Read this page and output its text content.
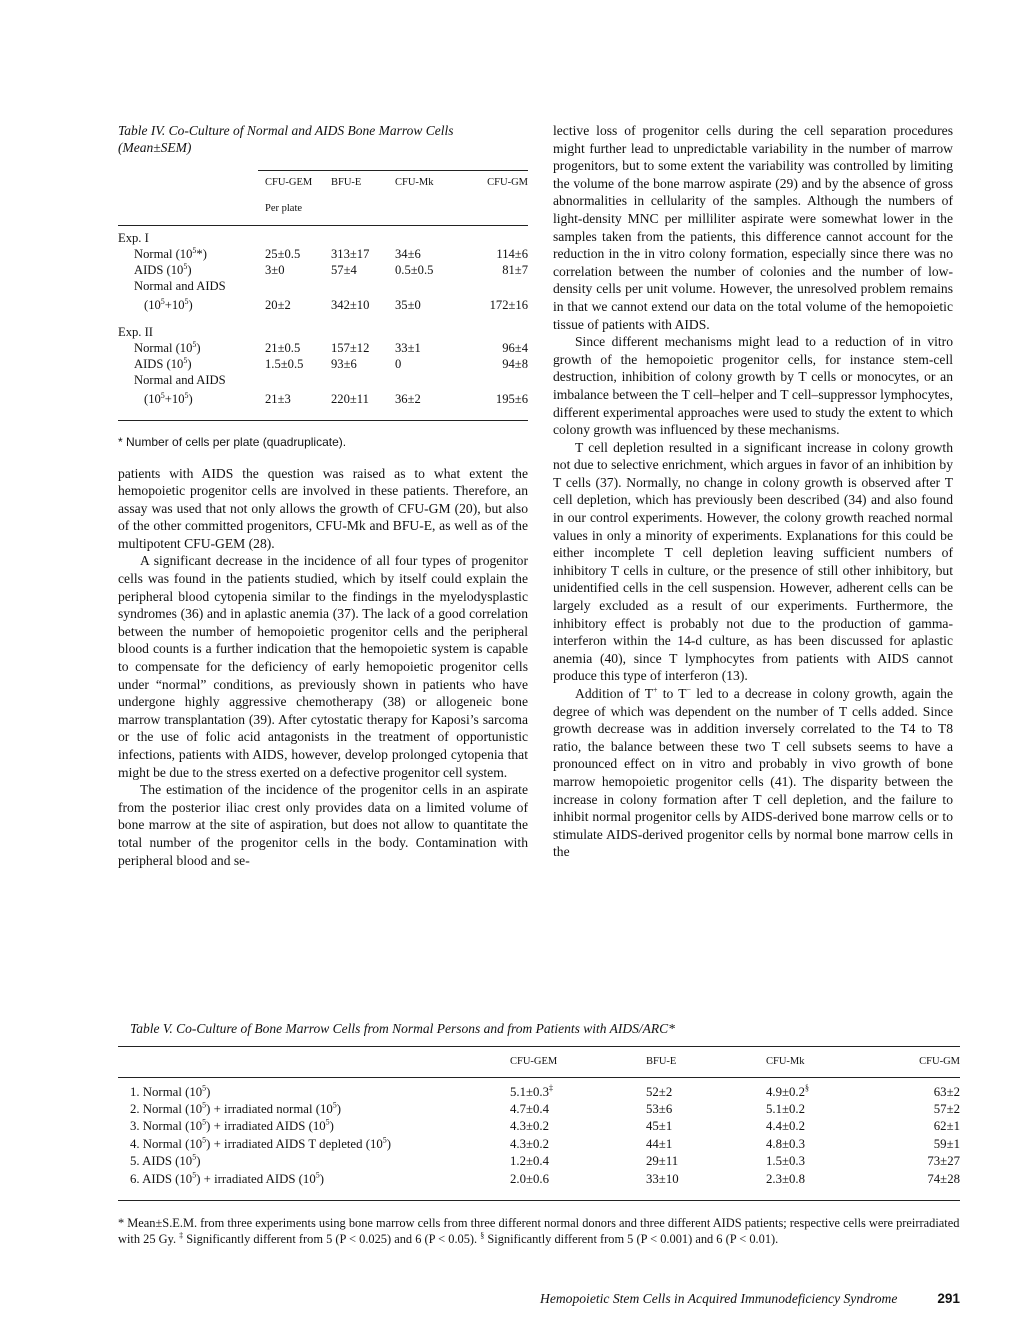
Table IV. Co-Culture of Normal and AIDS Bone Marrow Cells

(Mean±SEM)

	CFU-GEM	BFU-E	CFU-Mk	CFU-GM
	Per plate			

Exp. I				
Normal $(10^5*)$	25±0.5	313±17	34±6	114±6
AIDS $(10^5)$	3±0	57±4	0.5±0.5	81±7
Normal and AIDS				
$(10^5+10^5)$	20±2	342±10	35±0	172±16

Exp. II				
Normal $(10^5)$	21±0.5	157±12	33±1	96±4
AIDS $(10^5)$	1.5±0.5	93±6	0	94±8
Normal and AIDS				
$(10^5+10^5)$	21±3	220±11	36±2	195±6

* Number of cells per plate (quadruplicate).

patients with AIDS the question was raised as to what extent the hemopoietic progenitor cells are involved in these patients. Therefore, an assay was used that not only allows the growth of CFU-GM (20), but also of the other committed progenitors, CFU-Mk and BFU-E, as well as of the multipotent CFU-GEM (28).

A significant decrease in the incidence of all four types of progenitor cells was found in the patients studied, which by itself could explain the peripheral blood cytopenia similar to the findings in the myelodysplastic syndromes (36) and in aplastic anemia (37). The lack of a good correlation between the number of hemopoietic progenitor cells and the peripheral blood counts is a further indication that the hemopoietic system is capable to compensate for the deficiency of early hemopoietic progenitor cells under “normal” conditions, as previously shown in patients who have undergone highly aggressive chemotherapy (38) or allogeneic bone marrow transplantation (39). After cytostatic therapy for Kaposi’s sarcoma or the use of folic acid antagonists in the treatment of opportunistic infections, patients with AIDS, however, develop prolonged cytopenia that might be due to the stress exerted on a defective progenitor cell system.

The estimation of the incidence of the progenitor cells in an aspirate from the posterior iliac crest only provides data on a limited volume of bone marrow at the site of aspiration, but does not allow to quantitate the total number of the progenitor cells in the body. Contamination with peripheral blood and se-

lective loss of progenitor cells during the cell separation procedures might further lead to unpredictable variability in the number of marrow progenitors, but to some extent the variability was controlled by limiting the volume of the bone marrow aspirate (29) and by the absence of gross abnormalities in cellularity of the samples. Although the numbers of light-density MNC per milliliter aspirate were somewhat lower in the samples taken from the patients, this difference cannot account for the reduction in the in vitro colony formation, especially since there was no correlation between the number of colonies and the number of low-density cells per unit volume. However, the unresolved problem remains in that we cannot extend our data on the total volume of the hemopoietic tissue of patients with AIDS.

Since different mechanisms might lead to a reduction of in vitro growth of the hemopoietic progenitor cells, for instance stem-cell destruction, inhibition of colony growth by T cells or monocytes, or an imbalance between the T cell–helper and T cell–suppressor lymphocytes, different experimental approaches were used to study the extent to which colony growth was influenced by these mechanisms.

T cell depletion resulted in a significant increase in colony growth not due to selective enrichment, which argues in favor of an inhibition by T cells (37). Normally, no change in colony growth is observed after T cell depletion, which has previously been described (34) and also found in our control experiments. However, the colony growth reached normal values in only a minority of experiments. Explanations for this could be either incomplete T cell depletion leaving sufficient numbers of inhibitory T cells in culture, or the presence of still other inhibitory, but unidentified cells in the cell suspension. However, adherent cells can be largely excluded as a result of our experiments. Furthermore, the inhibitory effect is probably not due to the production of gamma-interferon within the 14-d culture, as has been discussed for aplastic anemia (40), since T lymphocytes from patients with AIDS cannot produce this type of interferon (13).

Addition of T+ to T− led to a decrease in colony growth, again the degree of which was dependent on the number of T cells added. Since growth decrease was in addition inversely correlated to the T4 to T8 ratio, the balance between these two T cell subsets seems to have a pronounced effect on in vitro and probably in vivo growth of bone marrow hemopoietic progenitor cells (41). The disparity between the increase in colony formation after T cell depletion, and the failure to inhibit normal progenitor cells by AIDS-derived bone marrow cells or to stimulate AIDS-derived progenitor cells by normal bone marrow cells in the

Table V. Co-Culture of Bone Marrow Cells from Normal Persons and from Patients with AIDS/ARC*

	CFU-GEM	BFU-E	CFU-Mk	CFU-GM

1. Normal $(10^5)$	5.1±0.3‡	52±2	4.9±0.2§	63±2
2. Normal $(10^5)$ + irradiated normal $(10^5)$	4.7±0.4	53±6	5.1±0.2	57±2
3. Normal $(10^5)$ + irradiated AIDS $(10^5)$	4.3±0.2	45±1	4.4±0.2	62±1
4. Normal $(10^5)$ + irradiated AIDS T depleted $(10^5)$	4.3±0.2	44±1	4.8±0.3	59±1
5. AIDS $(10^5)$	1.2±0.4	29±11	1.5±0.3	73±27
6. AIDS $(10^5)$ + irradiated AIDS $(10^5)$	2.0±0.6	33±10	2.3±0.8	74±28

* Mean±S.E.M. from three experiments using bone marrow cells from three different normal donors and three different AIDS patients; respective cells were preirradiated with 25 Gy. ‡ Significantly different from 5 (P < 0.025) and 6 (P < 0.05). § Significantly different from 5 (P < 0.001) and 6 (P < 0.01).
Hemopoietic Stem Cells in Acquired Immunodeficiency Syndrome	291
